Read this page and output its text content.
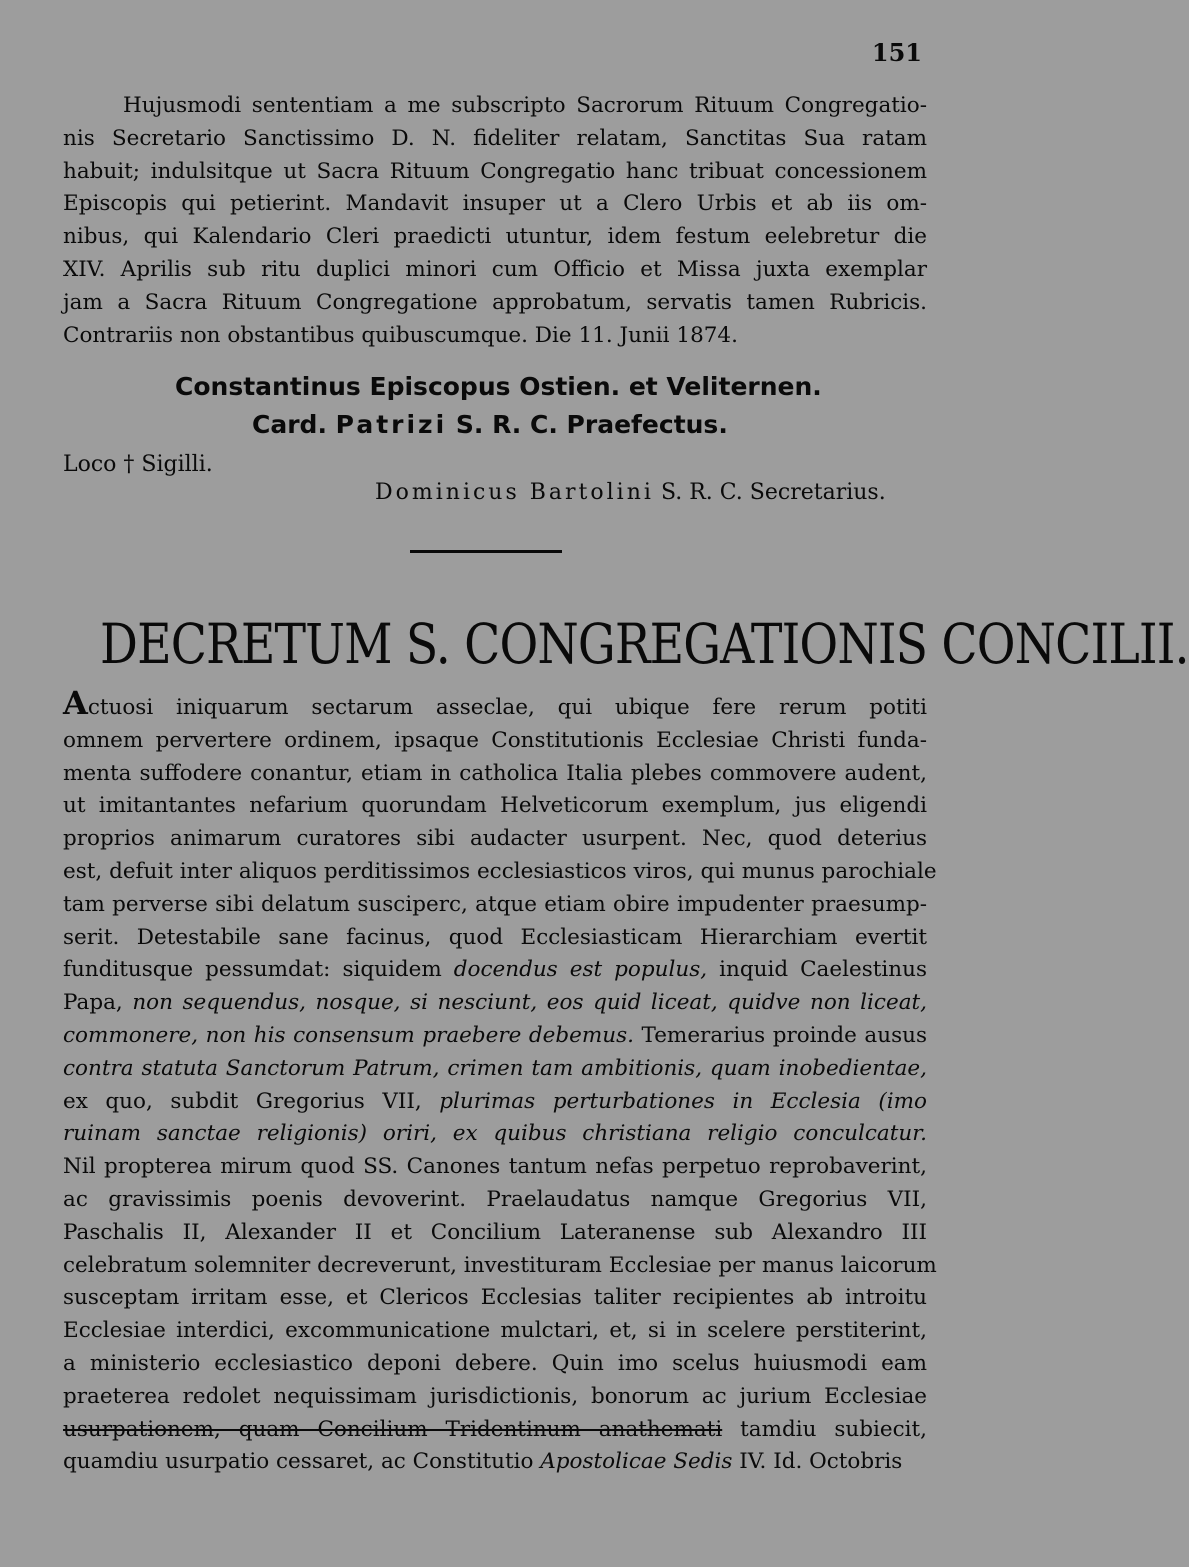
151
Hujusmodi sententiam a me subscripto Sacrorum Rituum Congregatio-
nis Secretario Sanctissimo D. N. fideliter relatam, Sanctitas Sua ratam
habuit; indulsitque ut Sacra Rituum Congregatio hanc tribuat concessionem
Episcopis qui petierint. Mandavit insuper ut a Clero Urbis et ab iis om-
nibus, qui Kalendario Cleri praedicti utuntur, idem festum eelebretur die
XIV. Aprilis sub ritu duplici minori cum Officio et Missa juxta exemplar
jam a Sacra Rituum Congregatione approbatum, servatis tamen Rubricis.
Contrariis non obstantibus quibuscumque. Die 11. Junii 1874.
Constantinus Episcopus Ostien. et Veliternen.
Card. Patrizi S. R. C. Praefectus.
Loco † Sigilli.
Dominicus Bartolini S. R. C. Secretarius.
DECRETUM S. CONGREGATIONIS CONCILII.
Actuosi iniquarum sectarum asseclae, qui ubique fere rerum potiti
omnem pervertere ordinem, ipsaque Constitutionis Ecclesiae Christi funda-
menta suffodere conantur, etiam in catholica Italia plebes commovere audent,
ut imitantantes nefarium quorundam Helveticorum exemplum, jus eligendi
proprios animarum curatores sibi audacter usurpent. Nec, quod deterius
est, defuit inter aliquos perditissimos ecclesiasticos viros, qui munus parochiale
tam perverse sibi delatum susciperc, atque etiam obire impudenter praesump-
serit. Detestabile sane facinus, quod Ecclesiasticam Hierarchiam evertit
funditusque pessumdat: siquidem docendus est populus, inquid Caelestinus
Papa, non sequendus, nosque, si nesciunt, eos quid liceat, quidve non liceat,
commonere, non his consensum praebere debemus. Temerarius proinde ausus
contra statuta Sanctorum Patrum, crimen tam ambitionis, quam inobedientae,
ex quo, subdit Gregorius VII, plurimas perturbationes in Ecclesia (imo
ruinam sanctae religionis) oriri, ex quibus christiana religio conculcatur.
Nil propterea mirum quod SS. Canones tantum nefas perpetuo reprobaverint,
ac gravissimis poenis devoverint. Praelaudatus namque Gregorius VII,
Paschalis II, Alexander II et Concilium Lateranense sub Alexandro III
celebratum solemniter decreverunt, investituram Ecclesiae per manus laicorum
susceptam irritam esse, et Clericos Ecclesias taliter recipientes ab introitu
Ecclesiae interdici, excommunicatione mulctari, et, si in scelere perstiterint,
a ministerio ecclesiastico deponi debere. Quin imo scelus huiusmodi eam
praeterea redolet nequissimam jurisdictionis, bonorum ac jurium Ecclesiae
usurpationem, quam Concilium Tridentinum anathemati tamdiu subiecit,
quamdiu usurpatio cessaret, ac Constitutio Apostolicae Sedis IV. Id. Octobris
